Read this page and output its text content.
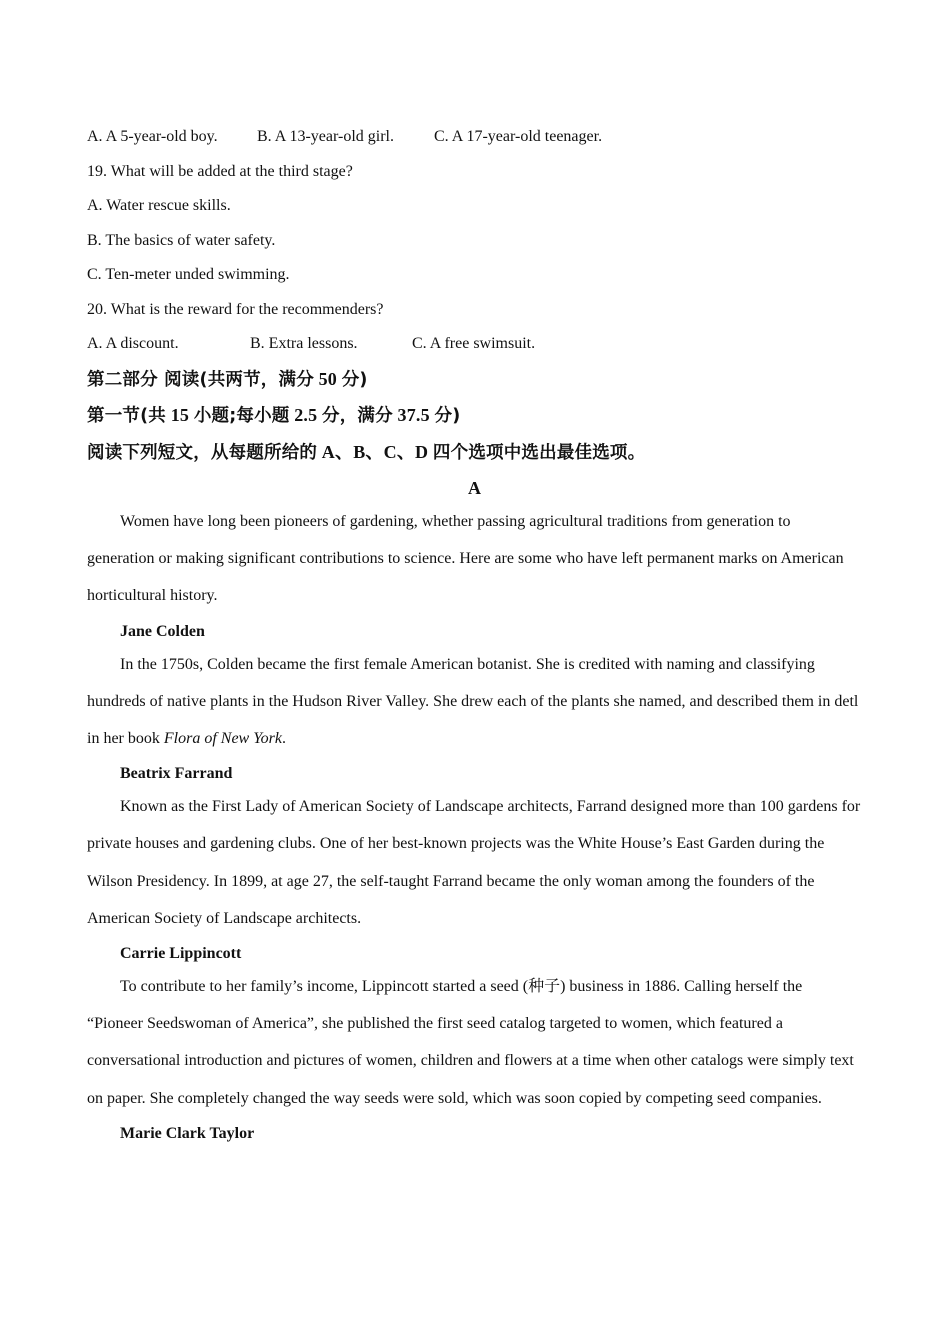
A. A 5-year-old boy. B. A 13-year-old girl.	C. A 17-year-old teenager.
19. What will be added at the third stage?
A. Water rescue skills.
B. The basics of water safety.
C. Ten-meter unded swimming.
20. What is the reward for the recommenders?
A. A discount.	B. Extra lessons.	C. A free swimsuit.
第二部分 阅读(共两节，满分 50 分)
第一节(共 15 小题;每小题 2.5 分，满分 37.5 分)
阅读下列短文，从每题所给的 A、B、C、D 四个选项中选出最佳选项。
A

Women have long been pioneers of gardening, whether passing agricultural traditions from generation to generation or making significant contributions to science. Here are some who have left permanent marks on American horticultural history.

Jane Colden

In the 1750s, Colden became the first female American botanist. She is credited with naming and classifying hundreds of native plants in the Hudson River Valley. She drew each of the plants she named, and described them in detl in her book Flora of New York.

Beatrix Farrand

Known as the First Lady of American Society of Landscape architects, Farrand designed more than 100 gardens for private houses and gardening clubs. One of her best-known projects was the White House’s East Garden during the Wilson Presidency. In 1899, at age 27, the self-taught Farrand became the only woman among the founders of the American Society of Landscape architects.

Carrie Lippincott

To contribute to her family’s income, Lippincott started a seed (种子) business in 1886. Calling herself the “Pioneer Seedswoman of America”, she published the first seed catalog targeted to women, which featured a conversational introduction and pictures of women, children and flowers at a time when other catalogs were simply text on paper. She completely changed the way seeds were sold, which was soon copied by competing seed companies.

Marie Clark Taylor
